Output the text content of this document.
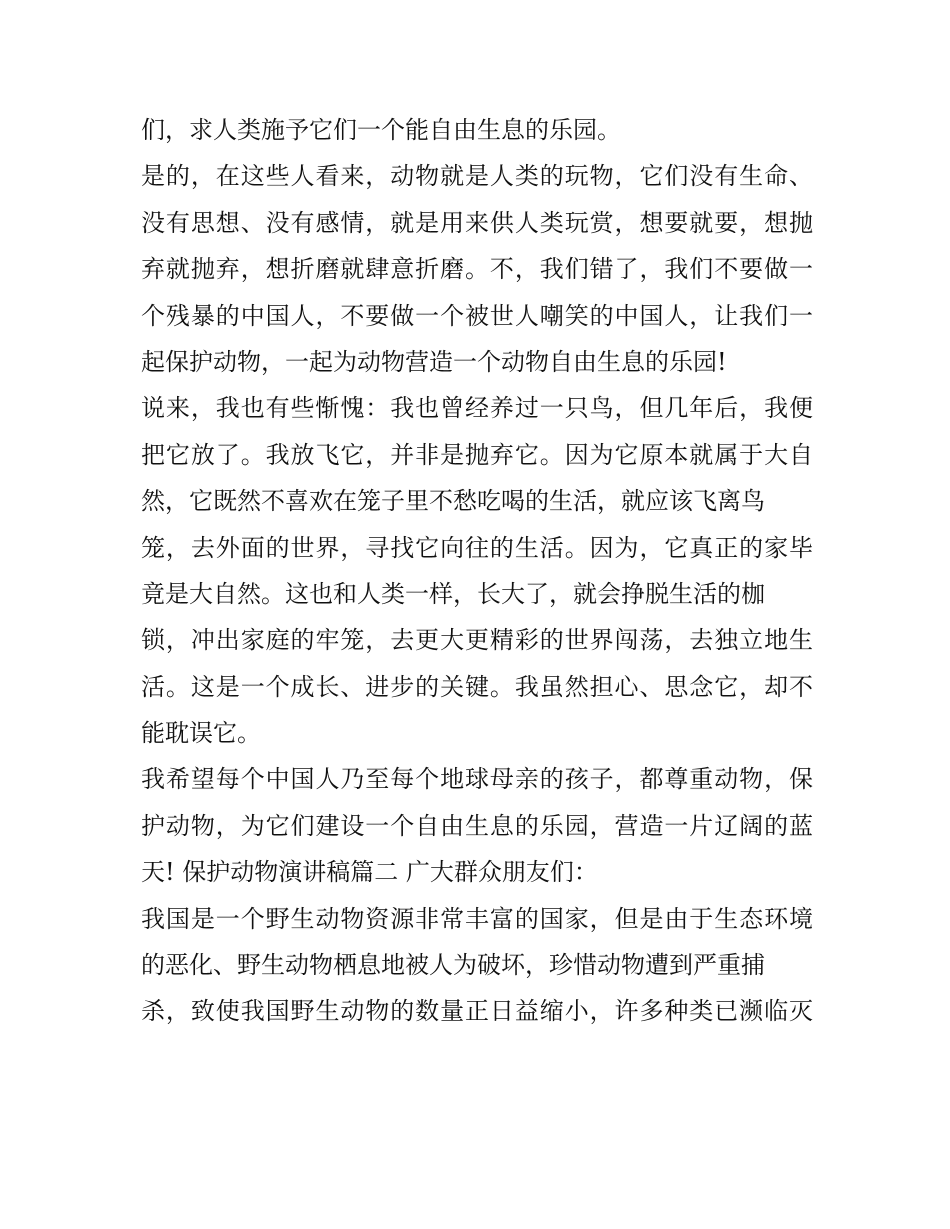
们，求人类施予它们一个能自由生息的乐园。
是的，在这些人看来，动物就是人类的玩物，它们没有生命、
没有思想、没有感情，就是用来供人类玩赏，想要就要，想抛
弃就抛弃，想折磨就肆意折磨。不，我们错了，我们不要做一
个残暴的中国人，不要做一个被世人嘲笑的中国人，让我们一
起保护动物，一起为动物营造一个动物自由生息的乐园!
说来，我也有些惭愧：我也曾经养过一只鸟，但几年后，我便
把它放了。我放飞它，并非是抛弃它。因为它原本就属于大自
然，它既然不喜欢在笼子里不愁吃喝的生活，就应该飞离鸟
笼，去外面的世界，寻找它向往的生活。因为，它真正的家毕
竟是大自然。这也和人类一样，长大了，就会挣脱生活的枷
锁，冲出家庭的牢笼，去更大更精彩的世界闯荡，去独立地生
活。这是一个成长、进步的关键。我虽然担心、思念它，却不
能耽误它。
我希望每个中国人乃至每个地球母亲的孩子，都尊重动物，保
护动物，为它们建设一个自由生息的乐园，营造一片辽阔的蓝
天! 保护动物演讲稿篇二 广大群众朋友们：
我国是一个野生动物资源非常丰富的国家，但是由于生态环境
的恶化、野生动物栖息地被人为破坏，珍惜动物遭到严重捕
杀，致使我国野生动物的数量正日益缩小，许多种类已濒临灭
